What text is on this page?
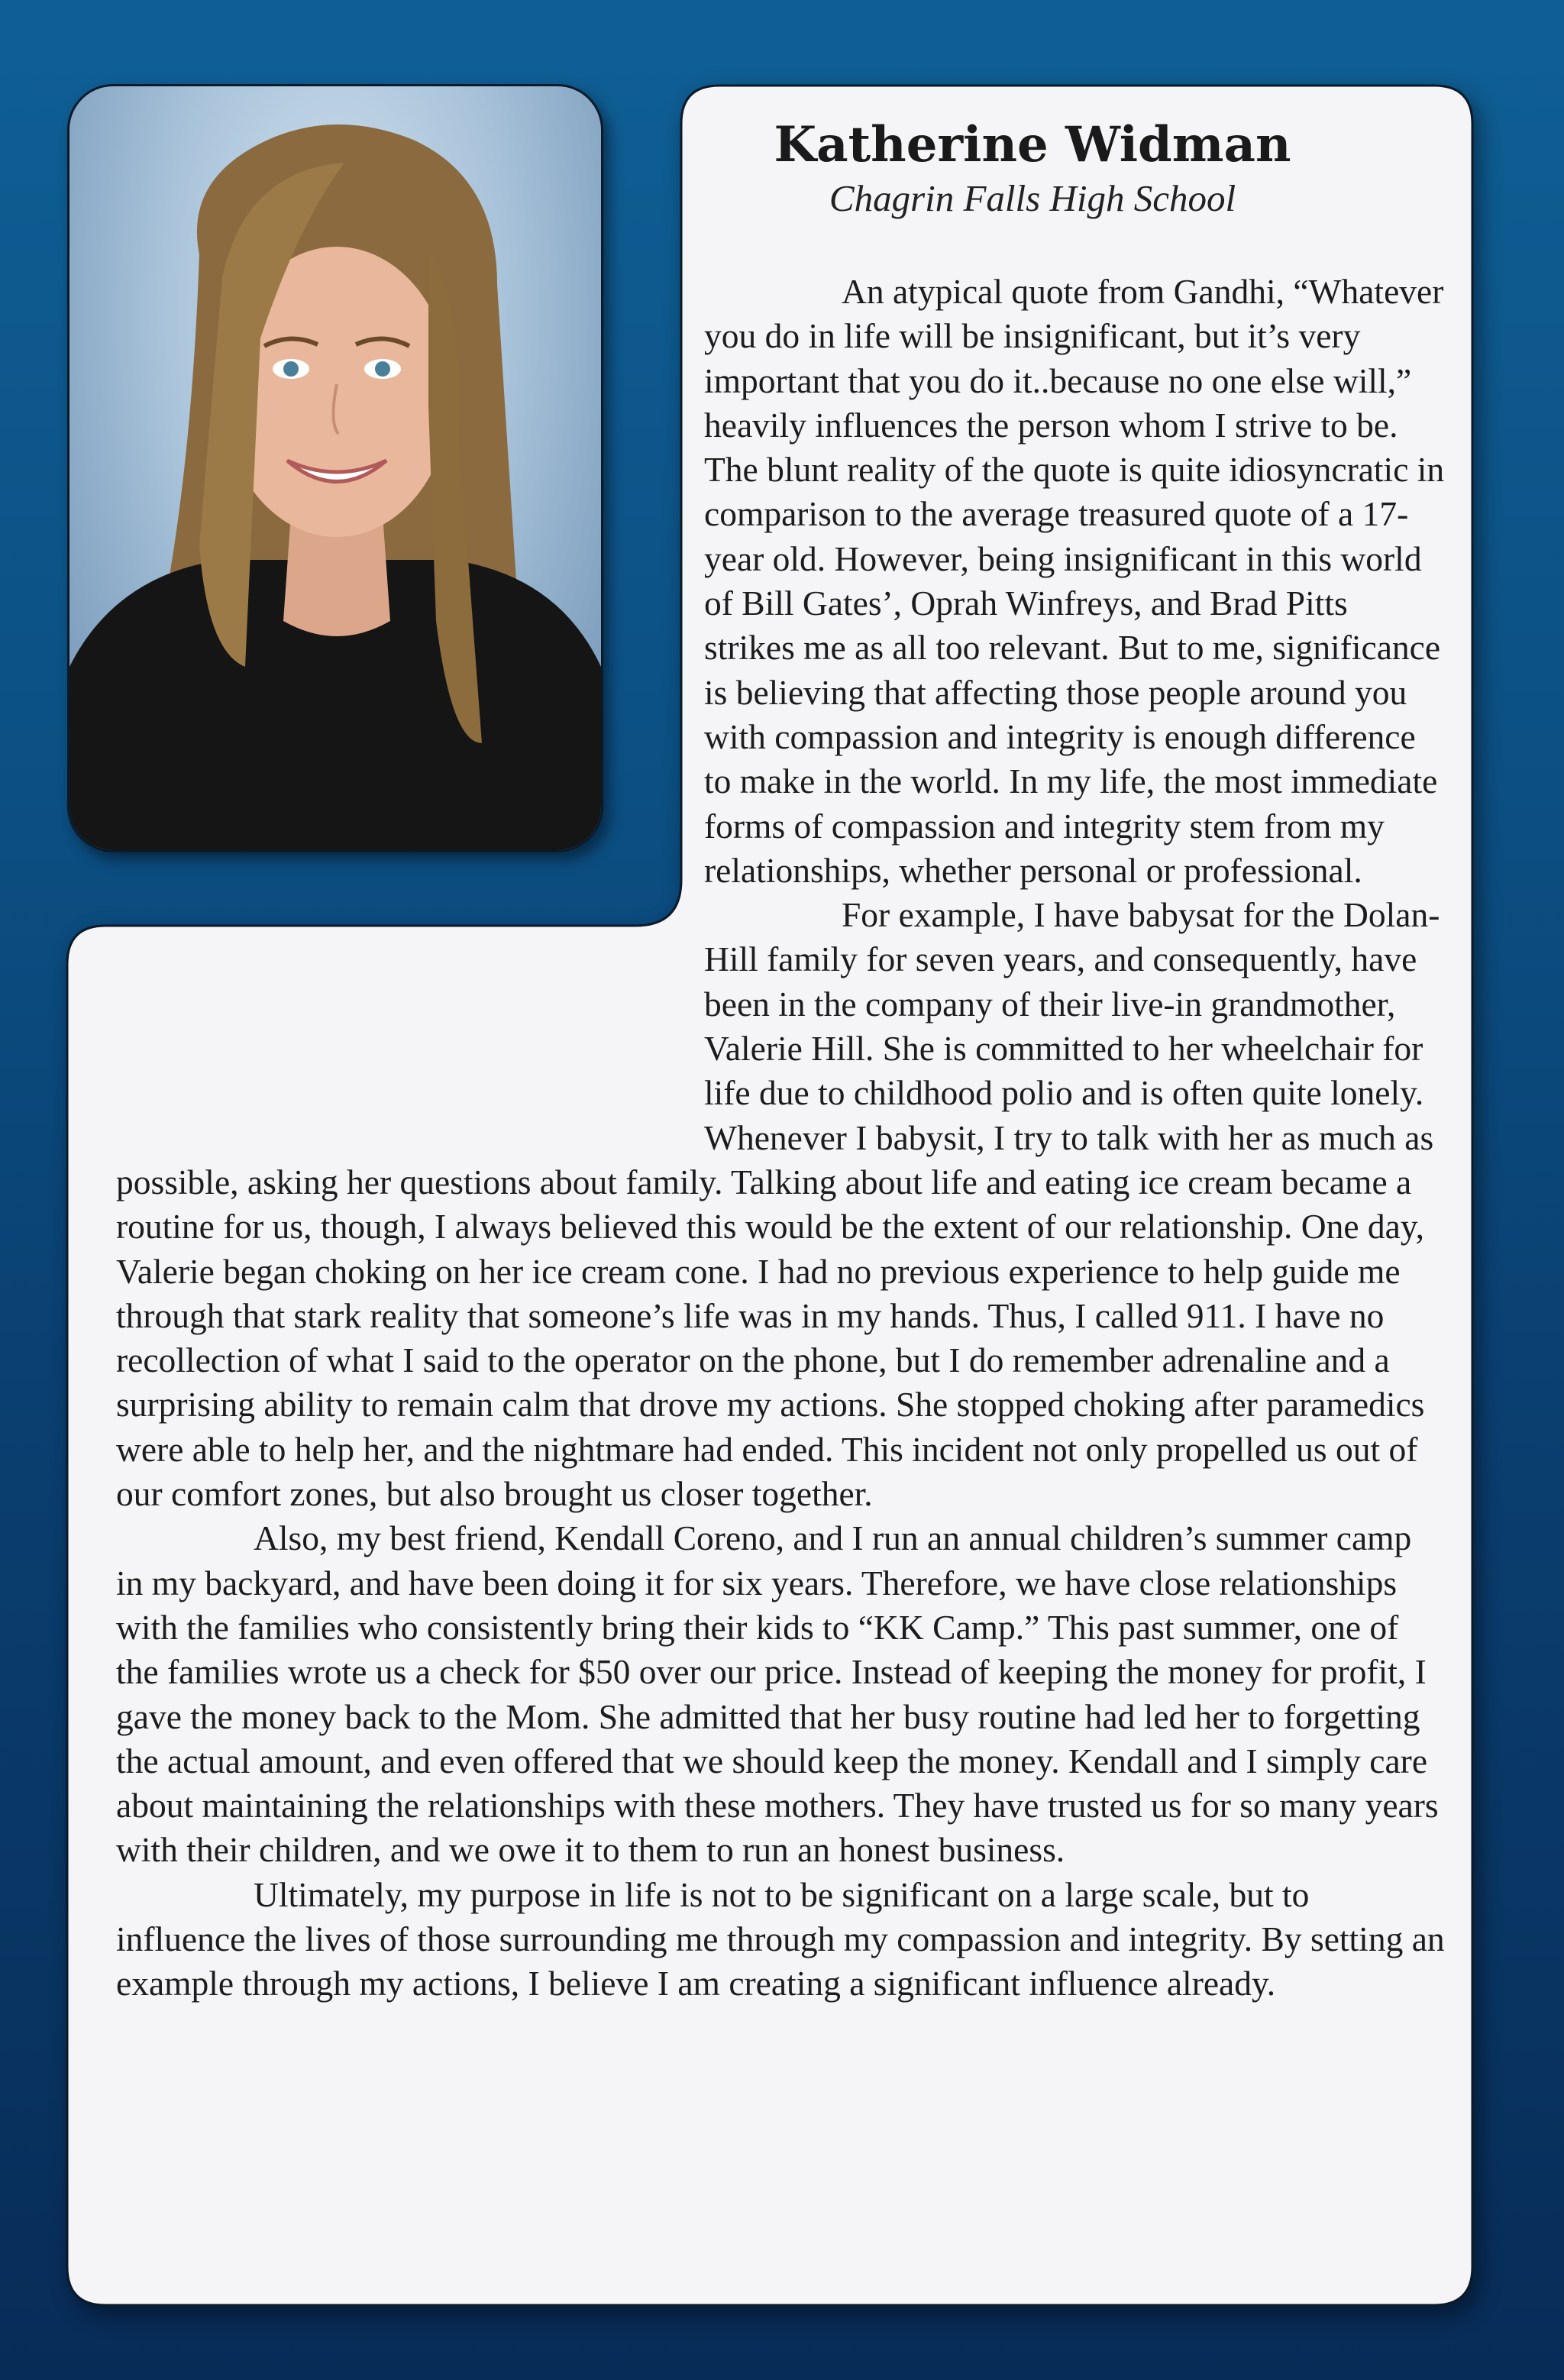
Katherine Widman

Chagrin Falls High School

An atypical quote from Gandhi, “Whatever you do in life will be insignificant, but it’s very important that you do it..because no one else will,” heavily influences the person whom I strive to be. The blunt reality of the quote is quite idiosyncratic in comparison to the average treasured quote of a 17-year old. However, being insignificant in this world of Bill Gates’, Oprah Winfreys, and Brad Pitts strikes me as all too relevant. But to me, significance is believing that affecting those people around you with compassion and integrity is enough difference to make in the world. In my life, the most immediate forms of compassion and integrity stem from my relationships, whether personal or professional.

For example, I have babysat for the Dolan-Hill family for seven years, and consequently, have been in the company of their live-in grandmother, Valerie Hill. She is committed to her wheelchair for life due to childhood polio and is often quite lonely. Whenever I babysit, I try to talk with her as much as possible, asking her questions about family. Talking about life and eating ice cream became a routine for us, though, I always believed this would be the extent of our relationship. One day, Valerie began choking on her ice cream cone. I had no previous experience to help guide me through that stark reality that someone’s life was in my hands. Thus, I called 911. I have no recollection of what I said to the operator on the phone, but I do remember adrenaline and a surprising ability to remain calm that drove my actions. She stopped choking after paramedics were able to help her, and the nightmare had ended. This incident not only propelled us out of our comfort zones, but also brought us closer together.

Also, my best friend, Kendall Coreno, and I run an annual children’s summer camp in my backyard, and have been doing it for six years. Therefore, we have close relationships with the families who consistently bring their kids to “KK Camp.” This past summer, one of the families wrote us a check for $50 over our price. Instead of keeping the money for profit, I gave the money back to the Mom. She admitted that her busy routine had led her to forgetting the actual amount, and even offered that we should keep the money. Kendall and I simply care about maintaining the relationships with these mothers. They have trusted us for so many years with their children, and we owe it to them to run an honest business.

Ultimately, my purpose in life is not to be significant on a large scale, but to influence the lives of those surrounding me through my compassion and integrity. By setting an example through my actions, I believe I am creating a significant influence already.
